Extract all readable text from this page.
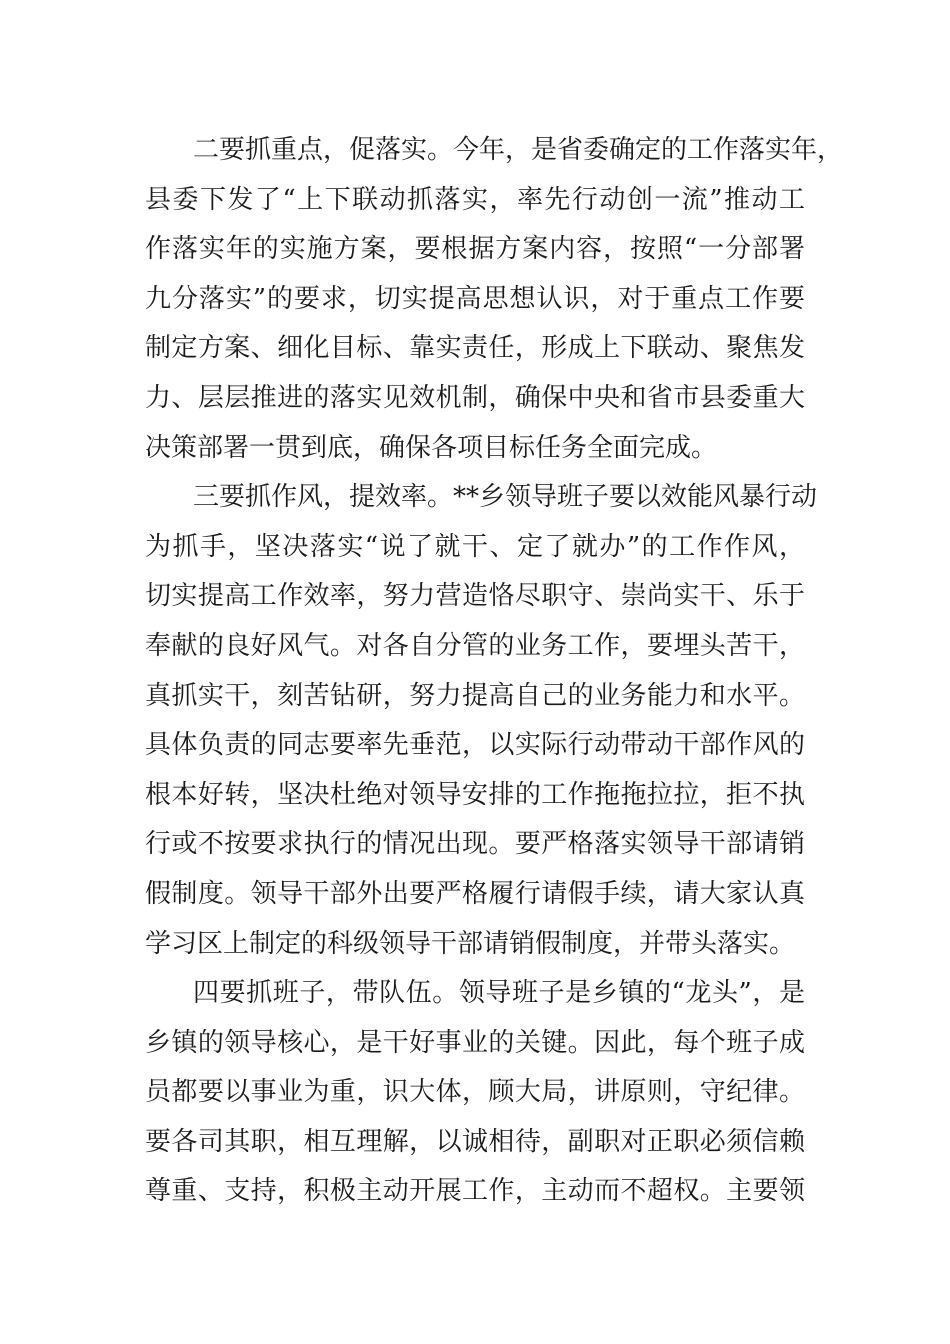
二要抓重点，促落实。今年，是省委确定的工作落实年，
县委下发了“上下联动抓落实，率先行动创一流”推动工
作落实年的实施方案，要根据方案内容，按照“一分部署
九分落实”的要求，切实提高思想认识，对于重点工作要
制定方案、细化目标、靠实责任，形成上下联动、聚焦发
力、层层推进的落实见效机制，确保中央和省市县委重大
决策部署一贯到底，确保各项目标任务全面完成。
三要抓作风，提效率。**乡领导班子要以效能风暴行动
为抓手，坚决落实“说了就干、定了就办”的工作作风，
切实提高工作效率，努力营造恪尽职守、崇尚实干、乐于
奉献的良好风气。对各自分管的业务工作，要埋头苦干，
真抓实干，刻苦钻研，努力提高自己的业务能力和水平。
具体负责的同志要率先垂范，以实际行动带动干部作风的
根本好转，坚决杜绝对领导安排的工作拖拖拉拉，拒不执
行或不按要求执行的情况出现。要严格落实领导干部请销
假制度。领导干部外出要严格履行请假手续，请大家认真
学习区上制定的科级领导干部请销假制度，并带头落实。
四要抓班子，带队伍。领导班子是乡镇的“龙头”，是
乡镇的领导核心，是干好事业的关键。因此，每个班子成
员都要以事业为重，识大体，顾大局，讲原则，守纪律。
要各司其职，相互理解，以诚相待，副职对正职必须信赖
尊重、支持，积极主动开展工作，主动而不超权。主要领
